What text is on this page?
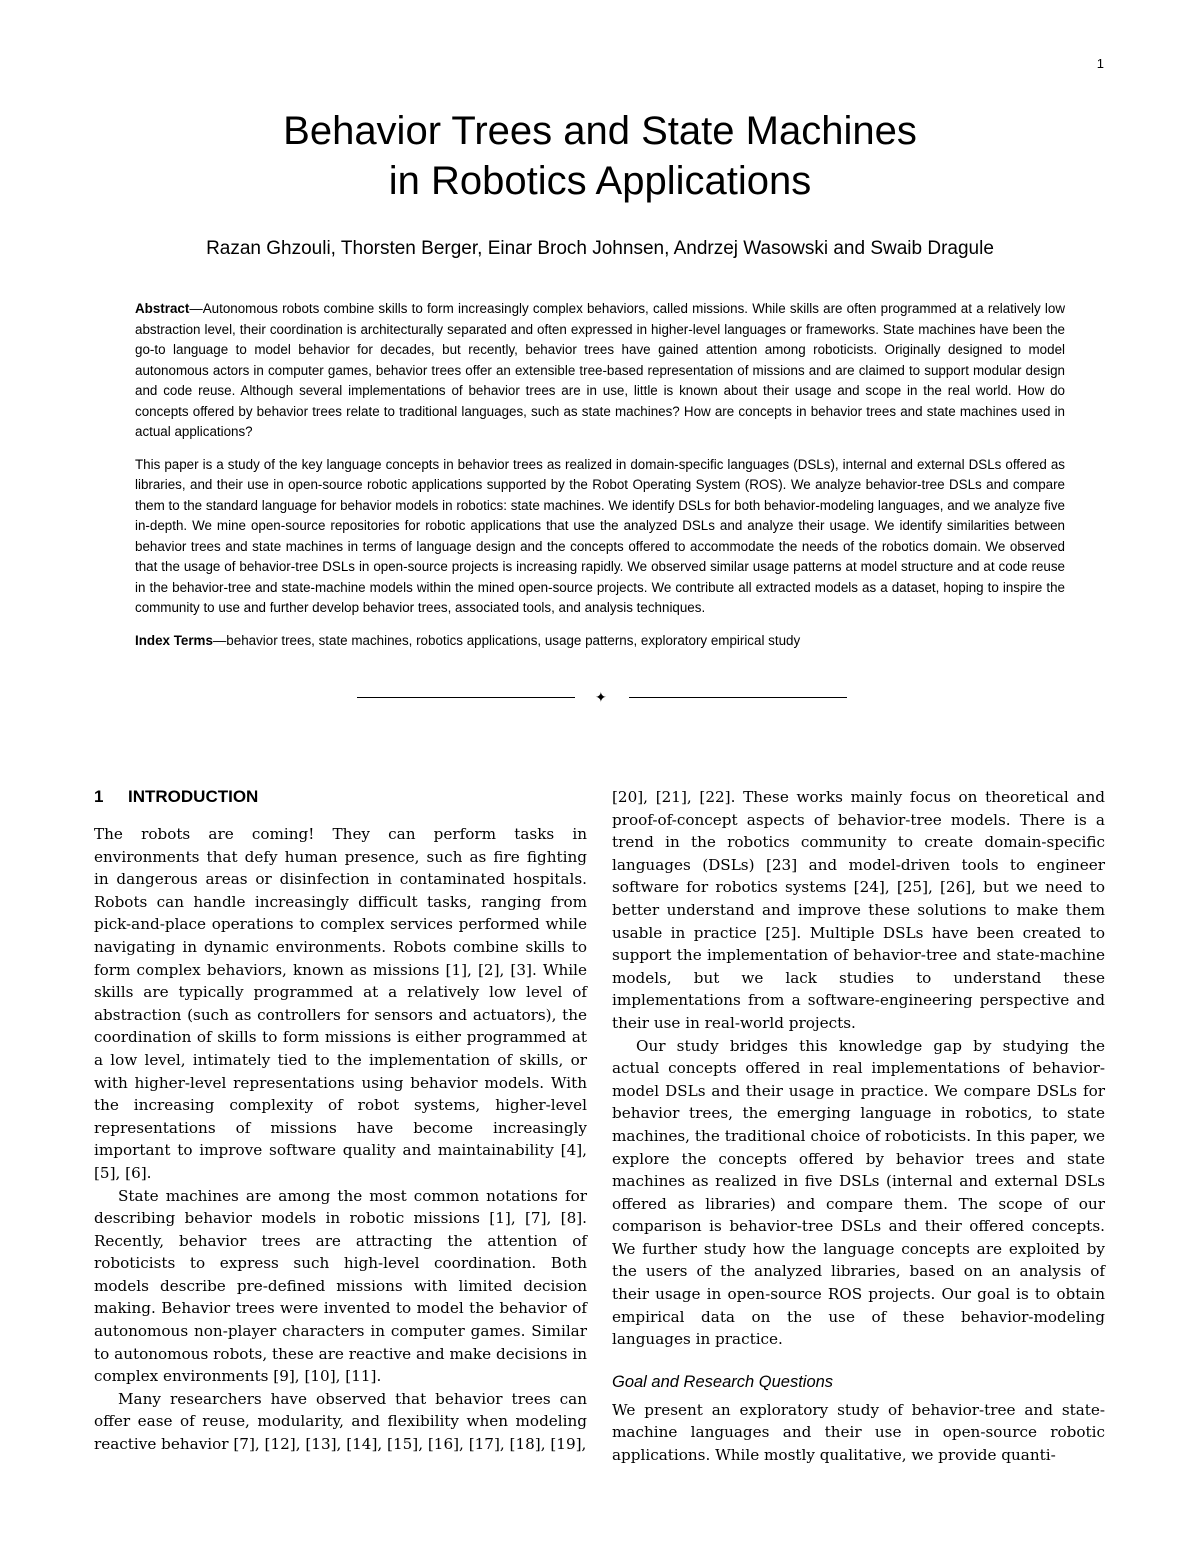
1
Behavior Trees and State Machines
in Robotics Applications
Razan Ghzouli, Thorsten Berger, Einar Broch Johnsen, Andrzej Wasowski and Swaib Dragule

Abstract—Autonomous robots combine skills to form increasingly complex behaviors, called missions. While skills are often programmed at a relatively low abstraction level, their coordination is architecturally separated and often expressed in higher-level languages or frameworks. State machines have been the go-to language to model behavior for decades, but recently, behavior trees have gained attention among roboticists. Originally designed to model autonomous actors in computer games, behavior trees offer an extensible tree-based representation of missions and are claimed to support modular design and code reuse. Although several implementations of behavior trees are in use, little is known about their usage and scope in the real world. How do concepts offered by behavior trees relate to traditional languages, such as state machines? How are concepts in behavior trees and state machines used in actual applications?

This paper is a study of the key language concepts in behavior trees as realized in domain-specific languages (DSLs), internal and external DSLs offered as libraries, and their use in open-source robotic applications supported by the Robot Operating System (ROS). We analyze behavior-tree DSLs and compare them to the standard language for behavior models in robotics: state machines. We identify DSLs for both behavior-modeling languages, and we analyze five in-depth. We mine open-source repositories for robotic applications that use the analyzed DSLs and analyze their usage. We identify similarities between behavior trees and state machines in terms of language design and the concepts offered to accommodate the needs of the robotics domain. We observed that the usage of behavior-tree DSLs in open-source projects is increasing rapidly. We observed similar usage patterns at model structure and at code reuse in the behavior-tree and state-machine models within the mined open-source projects. We contribute all extracted models as a dataset, hoping to inspire the community to use and further develop behavior trees, associated tools, and analysis techniques.

Index Terms—behavior trees, state machines, robotics applications, usage patterns, exploratory empirical study

✦
1 INTRODUCTION

The robots are coming! They can perform tasks in environments that defy human presence, such as fire fighting in dangerous areas or disinfection in contaminated hospitals. Robots can handle increasingly difficult tasks, ranging from pick-and-place operations to complex services performed while navigating in dynamic environments. Robots combine skills to form complex behaviors, known as missions [1], [2], [3]. While skills are typically programmed at a relatively low level of abstraction (such as controllers for sensors and actuators), the coordination of skills to form missions is either programmed at a low level, intimately tied to the implementation of skills, or with higher-level representations using behavior models. With the increasing complexity of robot systems, higher-level representations of missions have become increasingly important to improve software quality and maintainability [4], [5], [6].

State machines are among the most common notations for describing behavior models in robotic missions [1], [7], [8]. Recently, behavior trees are attracting the attention of roboticists to express such high-level coordination. Both models describe pre-defined missions with limited decision making. Behavior trees were invented to model the behavior of autonomous non-player characters in computer games. Similar to autonomous robots, these are reactive and make decisions in complex environments [9], [10], [11].

Many researchers have observed that behavior trees can offer ease of reuse, modularity, and flexibility when modeling reactive behavior [7], [12], [13], [14], [15], [16], [17], [18], [19],

[20], [21], [22]. These works mainly focus on theoretical and proof-of-concept aspects of behavior-tree models. There is a trend in the robotics community to create domain-specific languages (DSLs) [23] and model-driven tools to engineer software for robotics systems [24], [25], [26], but we need to better understand and improve these solutions to make them usable in practice [25]. Multiple DSLs have been created to support the implementation of behavior-tree and state-machine models, but we lack studies to understand these implementations from a software-engineering perspective and their use in real-world projects.

Our study bridges this knowledge gap by studying the actual concepts offered in real implementations of behavior-model DSLs and their usage in practice. We compare DSLs for behavior trees, the emerging language in robotics, to state machines, the traditional choice of roboticists. In this paper, we explore the concepts offered by behavior trees and state machines as realized in five DSLs (internal and external DSLs offered as libraries) and compare them. The scope of our comparison is behavior-tree DSLs and their offered concepts. We further study how the language concepts are exploited by the users of the analyzed libraries, based on an analysis of their usage in open-source ROS projects. Our goal is to obtain empirical data on the use of these behavior-modeling languages in practice.

Goal and Research Questions

We present an exploratory study of behavior-tree and state-machine languages and their use in open-source robotic applications. While mostly qualitative, we provide quanti-
